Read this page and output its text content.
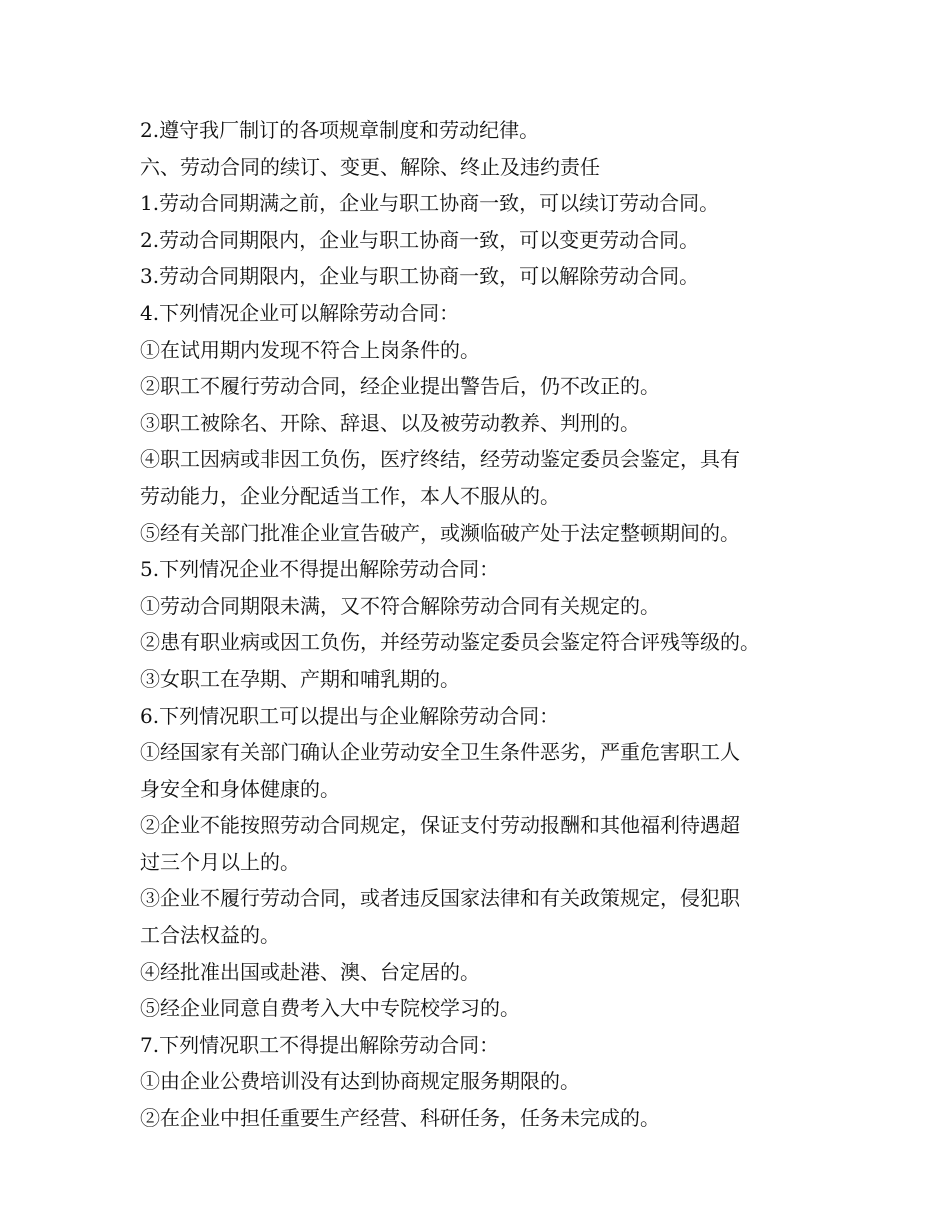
2.遵守我厂制订的各项规章制度和劳动纪律。
六、劳动合同的续订、变更、解除、终止及违约责任
1.劳动合同期满之前，企业与职工协商一致，可以续订劳动合同。
2.劳动合同期限内，企业与职工协商一致，可以变更劳动合同。
3.劳动合同期限内，企业与职工协商一致，可以解除劳动合同。
4.下列情况企业可以解除劳动合同：
①在试用期内发现不符合上岗条件的。
②职工不履行劳动合同，经企业提出警告后，仍不改正的。
③职工被除名、开除、辞退、以及被劳动教养、判刑的。
④职工因病或非因工负伤，医疗终结，经劳动鉴定委员会鉴定，具有
劳动能力，企业分配适当工作，本人不服从的。
⑤经有关部门批准企业宣告破产，或濒临破产处于法定整顿期间的。
5.下列情况企业不得提出解除劳动合同：
①劳动合同期限未满，又不符合解除劳动合同有关规定的。
②患有职业病或因工负伤，并经劳动鉴定委员会鉴定符合评残等级的。
③女职工在孕期、产期和哺乳期的。
6.下列情况职工可以提出与企业解除劳动合同：
①经国家有关部门确认企业劳动安全卫生条件恶劣，严重危害职工人
身安全和身体健康的。
②企业不能按照劳动合同规定，保证支付劳动报酬和其他福利待遇超
过三个月以上的。
③企业不履行劳动合同，或者违反国家法律和有关政策规定，侵犯职
工合法权益的。
④经批准出国或赴港、澳、台定居的。
⑤经企业同意自费考入大中专院校学习的。
7.下列情况职工不得提出解除劳动合同：
①由企业公费培训没有达到协商规定服务期限的。
②在企业中担任重要生产经营、科研任务，任务未完成的。
